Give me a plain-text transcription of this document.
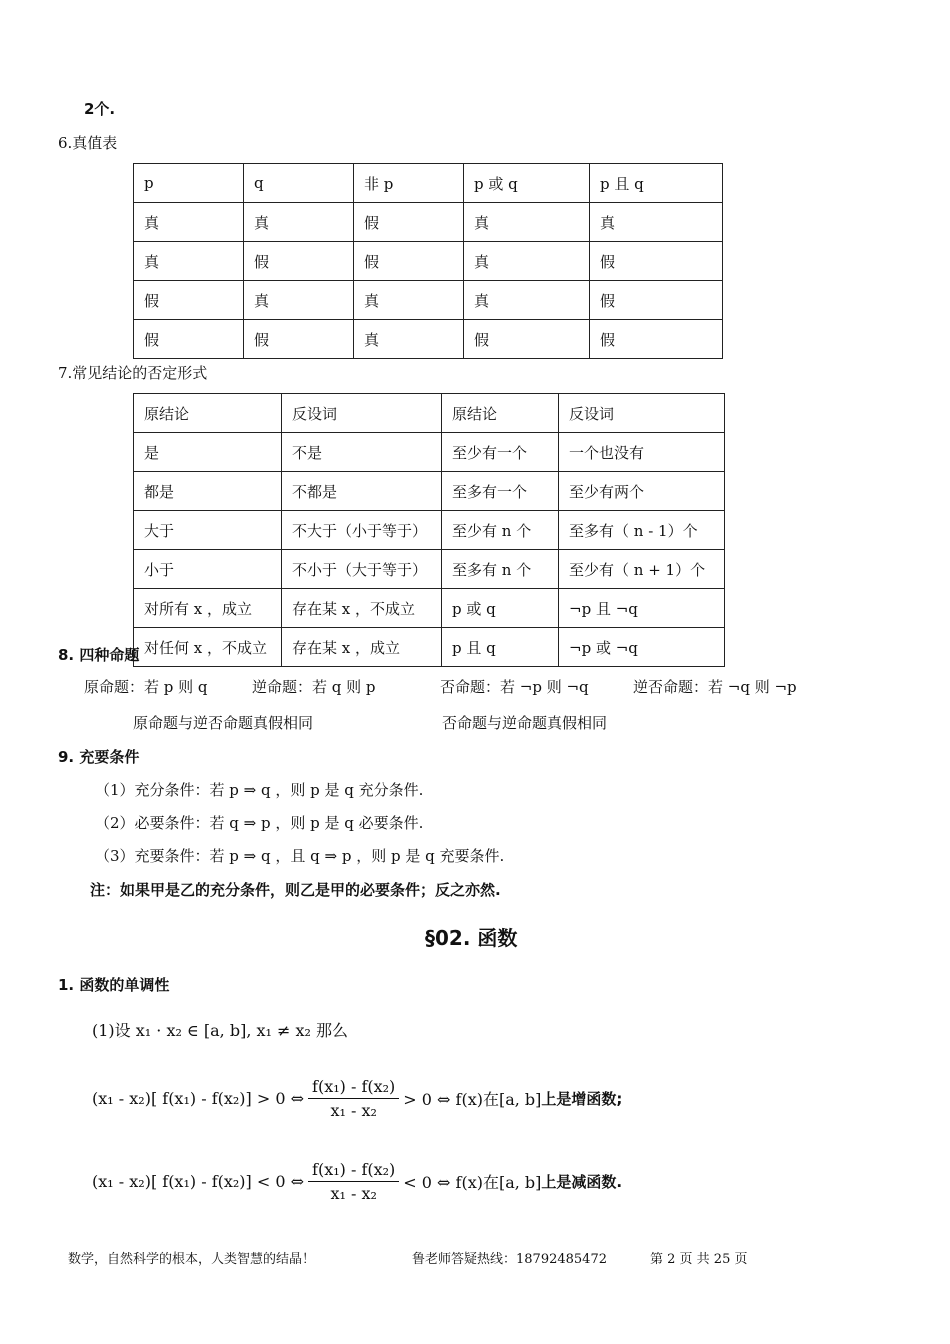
2个.
6.真值表
p	q	非 p	p 或 q	p 且 q
真	真	假	真	真
真	假	假	真	假
假	真	真	真	假
假	假	真	假	假
7.常见结论的否定形式
原结论	反设词	原结论	反设词
是	不是	至少有一个	一个也没有
都是	不都是	至多有一个	至少有两个
大于	不大于（小于等于）	至少有 n 个	至多有（ n - 1）个
小于	不小于（大于等于）	至多有 n 个	至少有（ n + 1）个
对所有 x ，成立	存在某 x ，不成立	p 或 q	¬p 且 ¬q
对任何 x ，不成立	存在某 x ，成立	p 且 q	¬p 或 ¬q
8. 四种命题
原命题：若 p 则 q	逆命题：若 q 则 p	否命题：若 ¬p 则 ¬q	逆否命题：若 ¬q 则 ¬p
原命题与逆否命题真假相同	否命题与逆命题真假相同
9. 充要条件
（1）充分条件：若 p ⇒ q ，则 p 是 q 充分条件.
（2）必要条件：若 q ⇒ p ，则 p 是 q 必要条件.
（3）充要条件：若 p ⇒ q ，且 q ⇒ p ，则 p 是 q 充要条件.
注：如果甲是乙的充分条件，则乙是甲的必要条件；反之亦然.
§02. 函数
1. 函数的单调性
(1)设 x₁ · x₂ ∈ [a, b], x₁ ≠ x₂ 那么
(x₁ - x₂)[ f(x₁) - f(x₂)] > 0 ⇔ $\frac{\text{f(x₁) - f(x₂)}}{\text{x₁ - x₂}} > 0$ ⇔ f(x)在[a, b] 上是增函数;
(x₁ - x₂)[ f(x₁) - f(x₂)] < 0 ⇔ $\frac{\text{f(x₁) - f(x₂)}}{\text{x₁ - x₂}} < 0$ ⇔ f(x)在[a, b] 上是减函数.
数学，自然科学的根本，人类智慧的结晶！	鲁老师答疑热线：18792485472	第 2 页 共 25 页
